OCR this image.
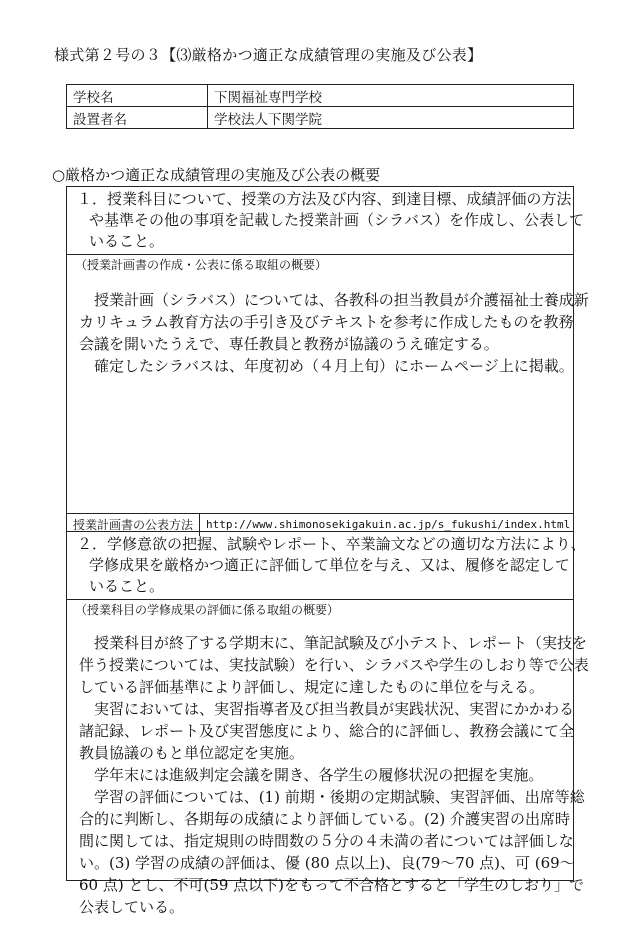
様式第２号の３【⑶厳格かつ適正な成績管理の実施及び公表】
学校名	下関福祉専門学校
設置者名	学校法人下関学院
○厳格かつ適正な成績管理の実施及び公表の概要
１．授業科目について、授業の方法及び内容、到達目標、成績評価の方法
や基準その他の事項を記載した授業計画（シラバス）を作成し、公表して
いること。
（授業計画書の作成・公表に係る取組の概要）
　授業計画（シラバス）については、各教科の担当教員が介護福祉士養成新
カリキュラム教育方法の手引き及びテキストを参考に作成したものを教務
会議を開いたうえで、専任教員と教務が協議のうえ確定する。
　確定したシラバスは、年度初め（４月上旬）にホームページ上に掲載。
授業計画書の公表方法	http://www.shimonosekigakuin.ac.jp/s_fukushi/index.html
２．学修意欲の把握、試験やレポート、卒業論文などの適切な方法により、
学修成果を厳格かつ適正に評価して単位を与え、又は、履修を認定して
いること。
（授業科目の学修成果の評価に係る取組の概要）
　授業科目が終了する学期末に、筆記試験及び小テスト、レポート（実技を
伴う授業については、実技試験）を行い、シラバスや学生のしおり等で公表
している評価基準により評価し、規定に達したものに単位を与える。
　実習においては、実習指導者及び担当教員が実践状況、実習にかかわる
諸記録、レポート及び実習態度により、総合的に評価し、教務会議にて全
教員協議のもと単位認定を実施。
　学年末には進級判定会議を開き、各学生の履修状況の把握を実施。
　学習の評価については、(1) 前期・後期の定期試験、実習評価、出席等総
合的に判断し、各期毎の成績により評価している。(2) 介護実習の出席時
間に関しては、指定規則の時間数の５分の４未満の者については評価しな
い。(3) 学習の成績の評価は、優 (80 点以上)、良(79～70 点)、可 (69～
60 点) とし、不可(59 点以下)をもって不合格とすると「学生のしおり」で
公表している。
